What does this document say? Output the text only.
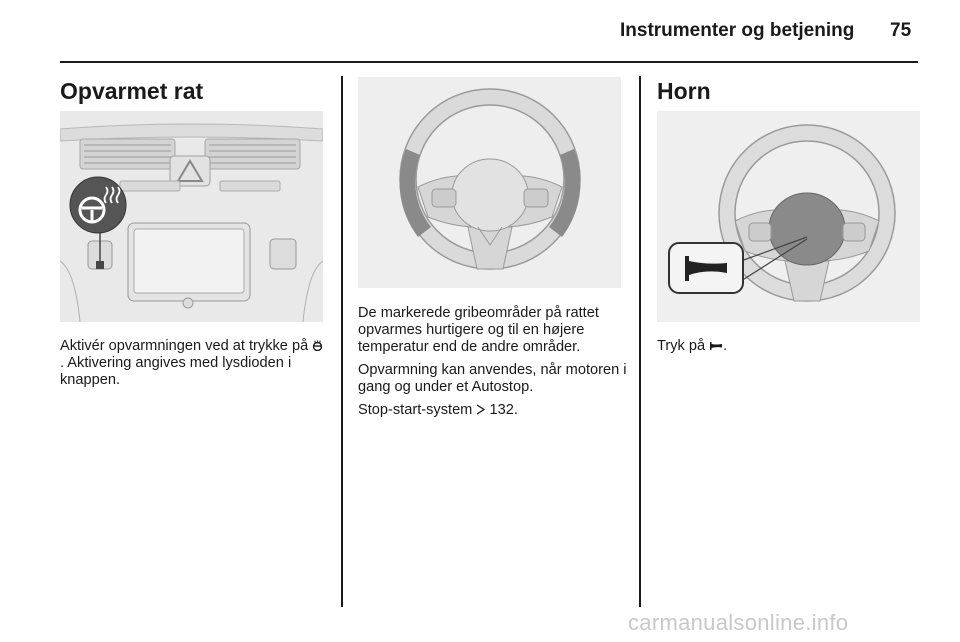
Instrumenter og betjening 75
Opvarmet rat

Aktivér opvarmningen ved at trykke på . Aktivering angives med lysdioden i knappen.

De markerede gribeområder på rattet opvarmes hurtigere og til en højere temperatur end de andre områder.

Opvarmning kan anvendes, når motoren i gang og under et Autostop.

Stop-start-system  132.

Horn

Tryk på .

carmanualsonline.info
